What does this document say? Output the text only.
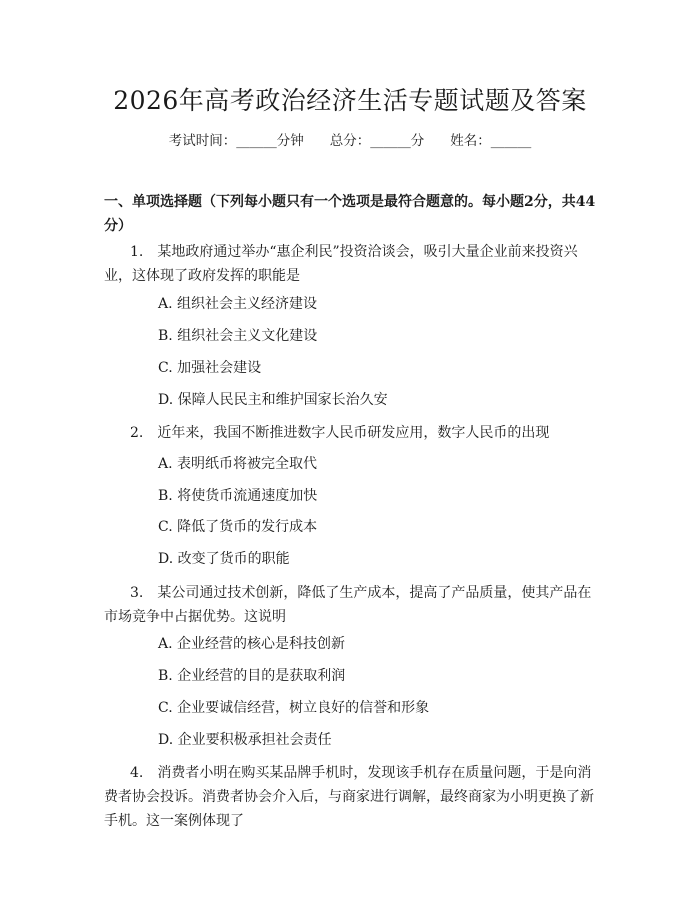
2026年高考政治经济生活专题试题及答案
考试时间：______分钟 总分：______分 姓名：______
一、单项选择题（下列每小题只有一个选项是最符合题意的。每小题2分，共44分）
1.　某地政府通过举办“惠企利民”投资洽谈会，吸引大量企业前来投资兴业，这体现了政府发挥的职能是
A. 组织社会主义经济建设
B. 组织社会主义文化建设
C. 加强社会建设
D. 保障人民民主和维护国家长治久安
2.　近年来，我国不断推进数字人民币研发应用，数字人民币的出现
A. 表明纸币将被完全取代
B. 将使货币流通速度加快
C. 降低了货币的发行成本
D. 改变了货币的职能
3.　某公司通过技术创新，降低了生产成本，提高了产品质量，使其产品在市场竞争中占据优势。这说明
A. 企业经营的核心是科技创新
B. 企业经营的目的是获取利润
C. 企业要诚信经营，树立良好的信誉和形象
D. 企业要积极承担社会责任
4.　消费者小明在购买某品牌手机时，发现该手机存在质量问题，于是向消费者协会投诉。消费者协会介入后，与商家进行调解，最终商家为小明更换了新手机。这一案例体现了
